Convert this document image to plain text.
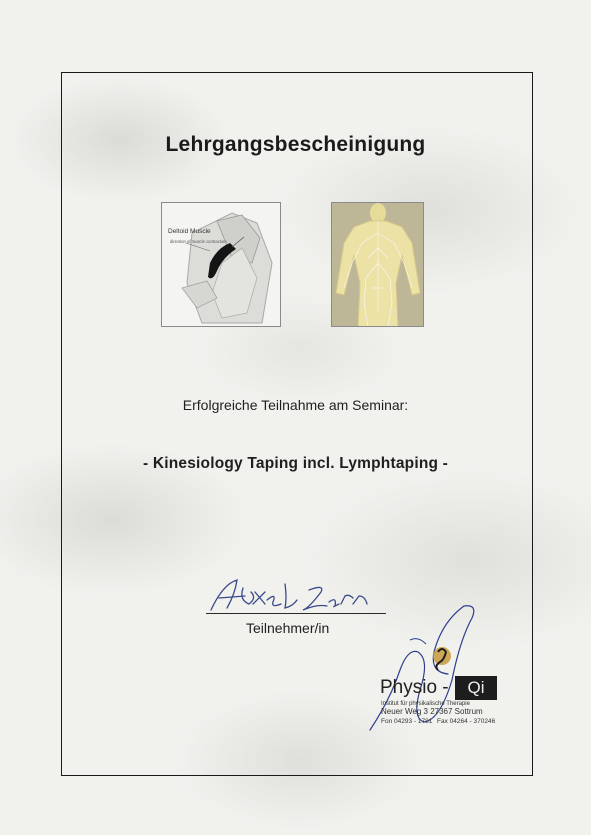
Lehrgangsbescheinigung
Deltoid Muscle
direction of muscle contraction
Erfolgreiche Teilnahme am Seminar:
- Kinesiology Taping incl. Lymphtaping -
Teilnehmer/in
Physio -	Qi
Institut für physikalische Therapie
Neuer Weg 3 27367 Sottrum
Fon 04293 - 1781 Fax 04264 - 370246
